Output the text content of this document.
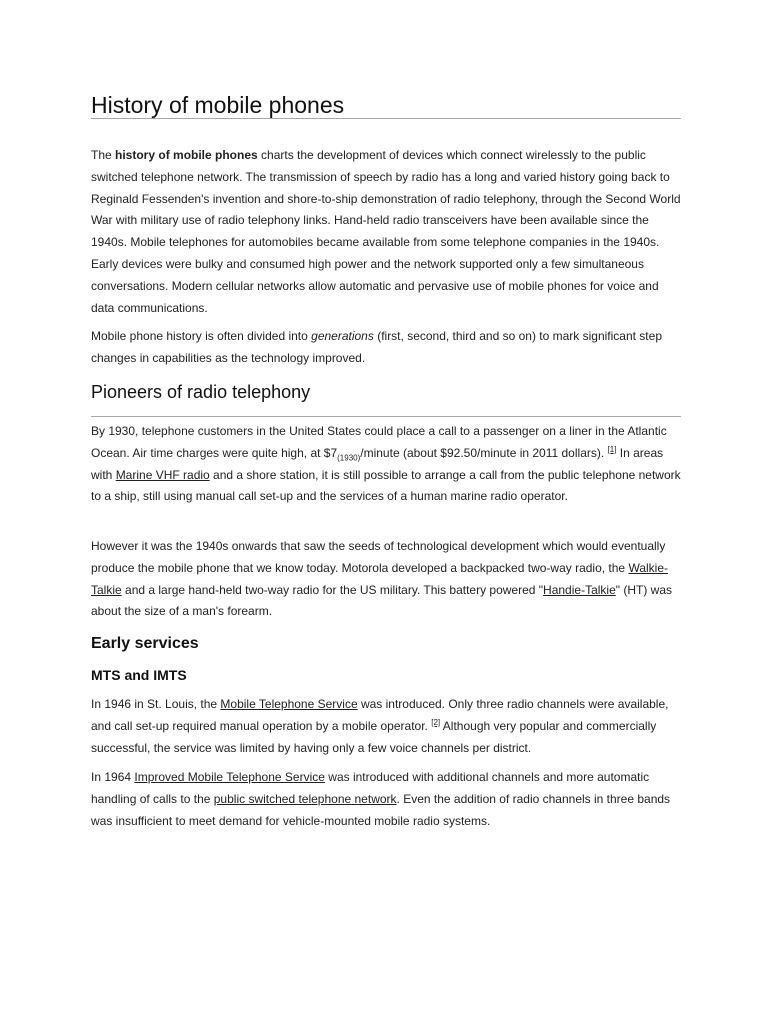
History of mobile phones

The history of mobile phones charts the development of devices which connect wirelessly to the public switched telephone network. The transmission of speech by radio has a long and varied history going back to Reginald Fessenden's invention and shore-to-ship demonstration of radio telephony, through the Second World War with military use of radio telephony links. Hand-held radio transceivers have been available since the 1940s. Mobile telephones for automobiles became available from some telephone companies in the 1940s. Early devices were bulky and consumed high power and the network supported only a few simultaneous conversations. Modern cellular networks allow automatic and pervasive use of mobile phones for voice and data communications.

Mobile phone history is often divided into generations (first, second, third and so on) to mark significant step changes in capabilities as the technology improved.

Pioneers of radio telephony

By 1930, telephone customers in the United States could place a call to a passenger on a liner in the Atlantic Ocean. Air time charges were quite high, at $\$7_{(1930)}$/minute (about $92.50/minute in 2011 dollars). [1] In areas with Marine VHF radio and a shore station, it is still possible to arrange a call from the public telephone network to a ship, still using manual call set-up and the services of a human marine radio operator.

However it was the 1940s onwards that saw the seeds of technological development which would eventually produce the mobile phone that we know today. Motorola developed a backpacked two-way radio, the Walkie-Talkie and a large hand-held two-way radio for the US military. This battery powered "Handie-Talkie" (HT) was about the size of a man's forearm.

Early services
MTS and IMTS

In 1946 in St. Louis, the Mobile Telephone Service was introduced. Only three radio channels were available, and call set-up required manual operation by a mobile operator. [2] Although very popular and commercially successful, the service was limited by having only a few voice channels per district.

In 1964 Improved Mobile Telephone Service was introduced with additional channels and more automatic handling of calls to the public switched telephone network. Even the addition of radio channels in three bands was insufficient to meet demand for vehicle-mounted mobile radio systems.
